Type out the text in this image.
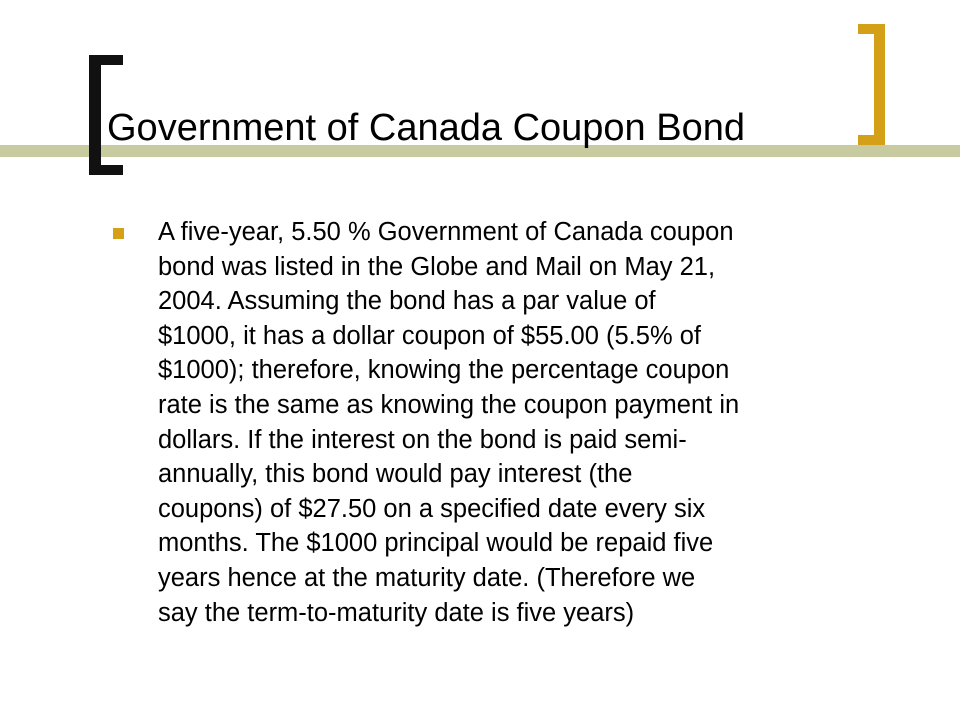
Government of Canada Coupon Bond

A five-year, 5.50 % Government of Canada coupon
bond was listed in the Globe and Mail on May 21,
2004. Assuming the bond has a par value of
$1000, it has a dollar coupon of $55.00 (5.5% of
$1000); therefore, knowing the percentage coupon
rate is the same as knowing the coupon payment in
dollars. If the interest on the bond is paid semi-
annually, this bond would pay interest (the
coupons) of $27.50 on a specified date every six
months. The $1000 principal would be repaid five
years hence at the maturity date. (Therefore we
say the term-to-maturity date is five years)
